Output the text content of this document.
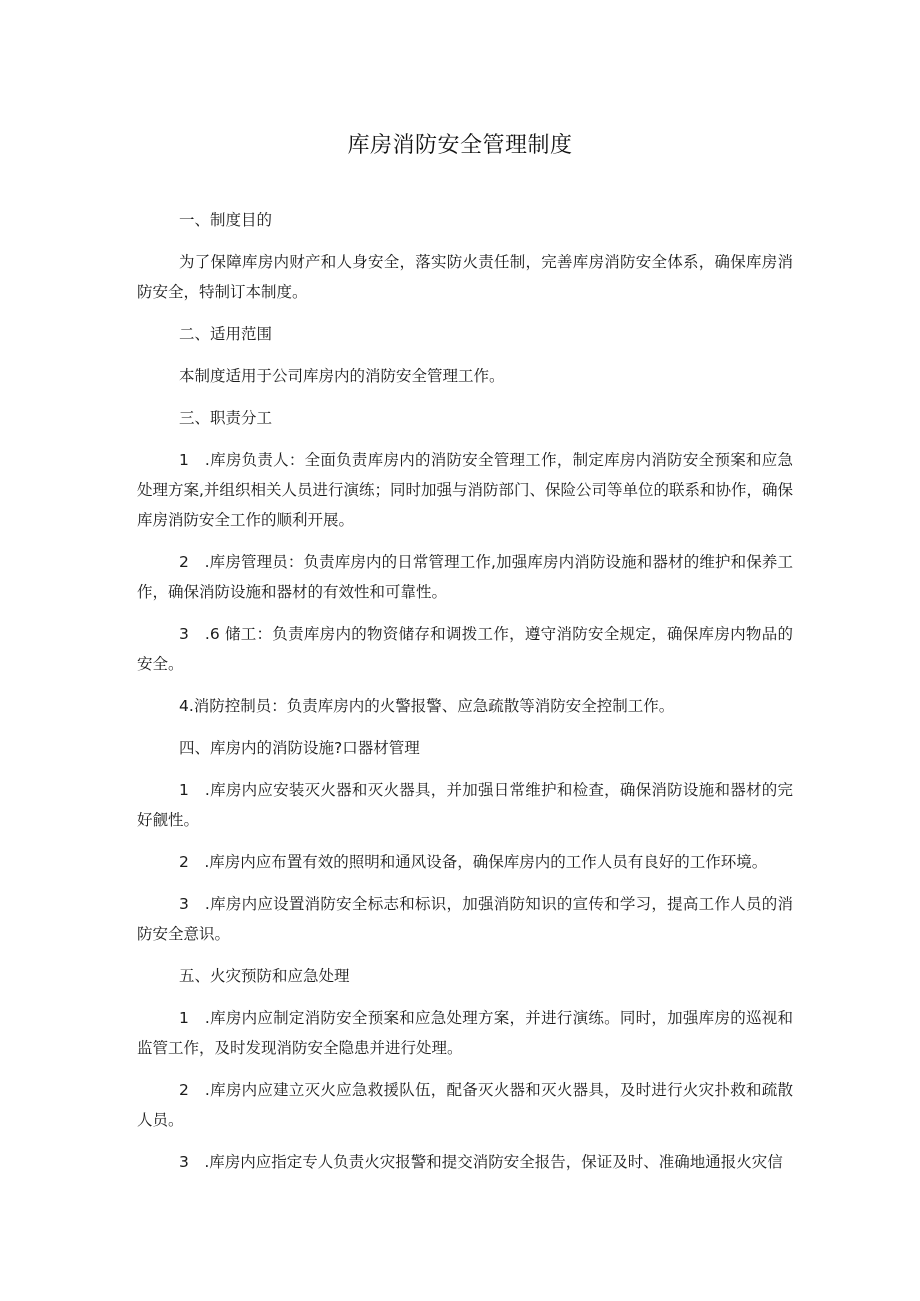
库房消防安全管理制度

一、制度目的

为了保障库房内财产和人身安全，落实防火责任制，完善库房消防安全体系，确保库房消防安全，特制订本制度。

二、适用范围

本制度适用于公司库房内的消防安全管理工作。

三、职责分工

1　.库房负责人：全面负责库房内的消防安全管理工作，制定库房内消防安全预案和应急处理方案,并组织相关人员进行演练；同时加强与消防部门、保险公司等单位的联系和协作，确保库房消防安全工作的顺利开展。

2　.库房管理员：负责库房内的日常管理工作,加强库房内消防设施和器材的维护和保养工作，确保消防设施和器材的有效性和可靠性。

3　.6 储工：负责库房内的物资储存和调拨工作，遵守消防安全规定，确保库房内物品的安全。

4.消防控制员：负责库房内的火警报警、应急疏散等消防安全控制工作。

四、库房内的消防设施?口器材管理

1　.库房内应安装灭火器和灭火器具，并加强日常维护和检查，确保消防设施和器材的完好觎性。

2　.库房内应布置有效的照明和通风设备，确保库房内的工作人员有良好的工作环境。

3　.库房内应设置消防安全标志和标识，加强消防知识的宣传和学习，提高工作人员的消防安全意识。

五、火灾预防和应急处理

1　.库房内应制定消防安全预案和应急处理方案，并进行演练。同时，加强库房的巡视和监管工作，及时发现消防安全隐患并进行处理。

2　.库房内应建立灭火应急救援队伍，配备灭火器和灭火器具，及时进行火灾扑救和疏散人员。

3　.库房内应指定专人负责火灾报警和提交消防安全报告，保证及时、准确地通报火灾信
